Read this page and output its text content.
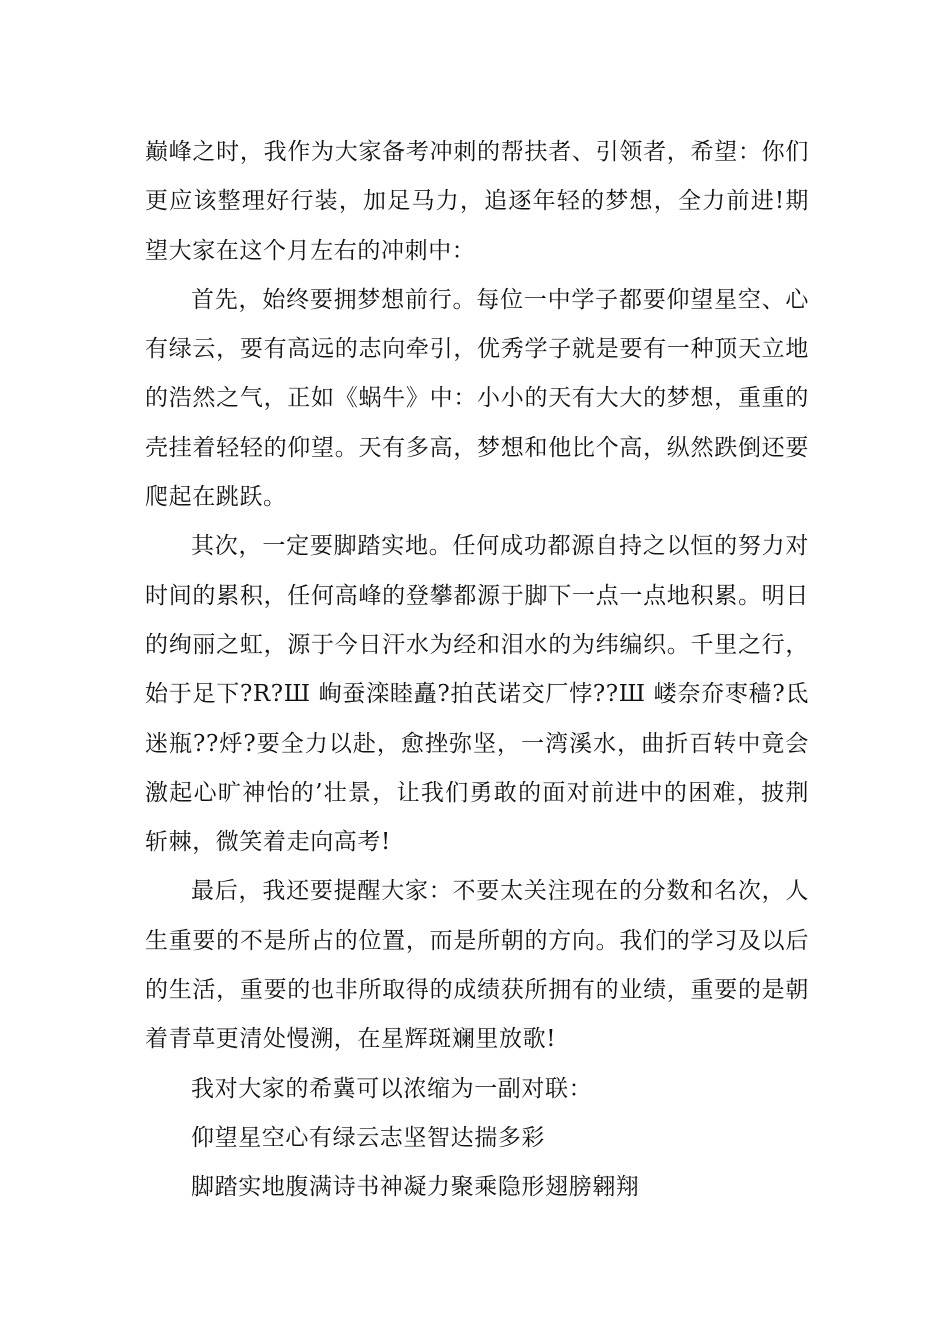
巅峰之时，我作为大家备考冲刺的帮扶者、引领者，希望：你们更应该整理好行装，加足马力，追逐年轻的梦想，全力前进!期望大家在这个月左右的冲刺中：

首先，始终要拥梦想前行。每位一中学子都要仰望星空、心有绿云，要有高远的志向牵引，优秀学子就是要有一种顶天立地的浩然之气，正如《蜗牛》中：小小的天有大大的梦想，重重的壳挂着轻轻的仰望。天有多高，梦想和他比个高，纵然跌倒还要爬起在跳跃。

其次，一定要脚踏实地。任何成功都源自持之以恒的努力对时间的累积，任何高峰的登攀都源于脚下一点一点地积累。明日的绚丽之虹，源于今日汗水为经和泪水的为纬编织。千里之行，始于足下?R?Ш 峋蚕滦睦矗?拍芪诺交厂悖??Ш 嵝奈夼枣穑?氐迷瓶??烀?要全力以赴，愈挫弥坚，一湾溪水，曲折百转中竟会激起心旷神怡的’壮景，让我们勇敢的面对前进中的困难，披荆斩棘，微笑着走向高考!

最后，我还要提醒大家：不要太关注现在的分数和名次，人生重要的不是所占的位置，而是所朝的方向。我们的学习及以后的生活，重要的也非所取得的成绩获所拥有的业绩，重要的是朝着青草更清处慢溯，在星辉斑斓里放歌!

我对大家的希冀可以浓缩为一副对联：

仰望星空心有绿云志坚智达揣多彩

脚踏实地腹满诗书神凝力聚乘隐形翅膀翱翔
